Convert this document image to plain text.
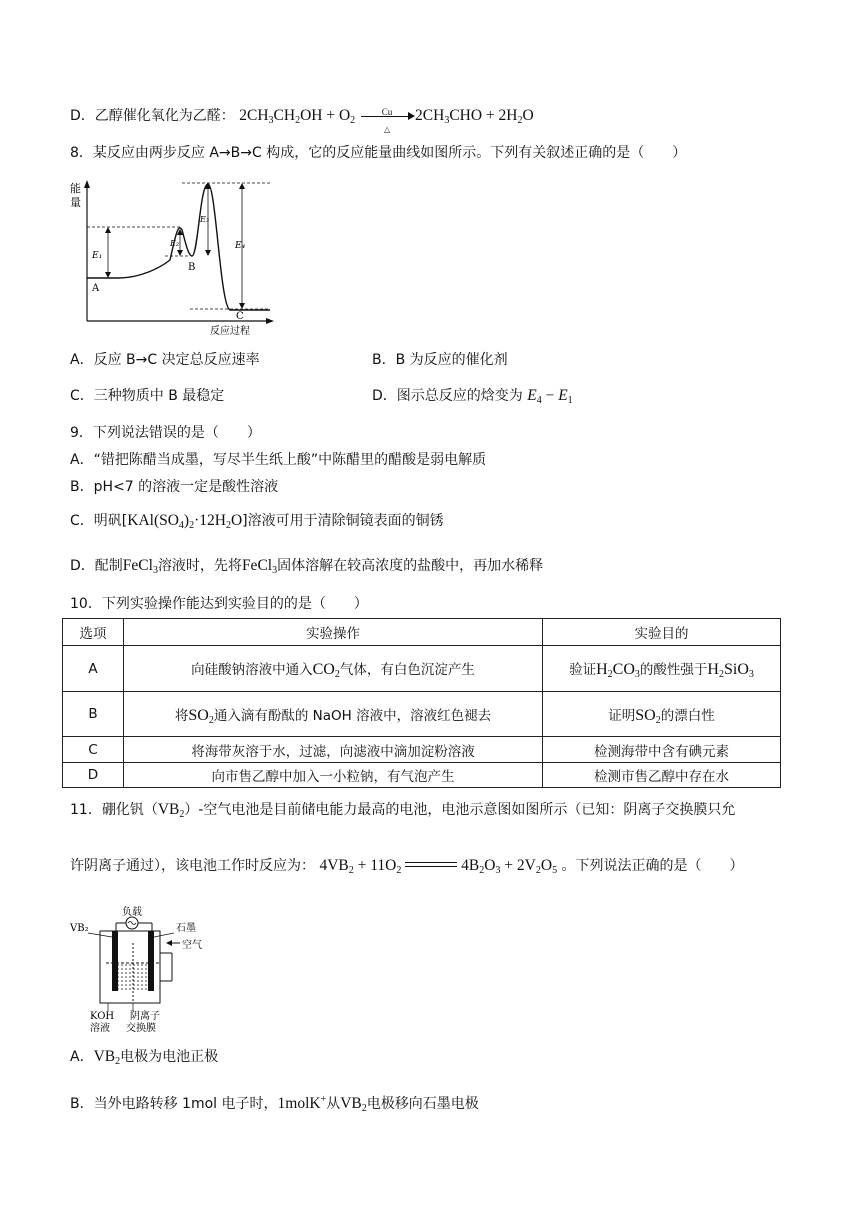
D．乙醇催化氧化为乙醛： $2CH_3CH_2OH + O_2$
Cu
△
$2CH_3CHO + 2H_2O$
8．某反应由两步反应 A→B→C 构成，它的反应能量曲线如图所示。下列有关叙述正确的是（　　）
能
量
E₁
E₂
E₃
E₄
A
B
C
反应过程
A．反应 B→C 决定总反应速率	B．B 为反应的催化剂
C．三种物质中 B 最稳定	D．图示总反应的焓变为 $E_4 - E_1$
9．下列说法错误的是（　　）
A．“错把陈醋当成墨，写尽半生纸上酸”中陈醋里的醋酸是弱电解质
B．pH<7 的溶液一定是酸性溶液
C．明矾$[KAl(SO_4)_2\cdot 12H_2O]$溶液可用于清除铜镜表面的铜锈
D．配制FeCl$_3$溶液时，先将FeCl$_3$固体溶解在较高浓度的盐酸中，再加水稀释
10．下列实验操作能达到实验目的的是（　　）
选项	实验操作	实验目的
A	向硅酸钠溶液中通入$CO_2$气体，有白色沉淀产生	验证$H_2CO_3$的酸性强于$H_2SiO_3$
B	将$SO_2$通入滴有酚酞的 NaOH 溶液中，溶液红色褪去	证明$SO_2$的漂白性
C	将海带灰溶于水，过滤，向滤液中滴加淀粉溶液	检测海带中含有碘元素
D	向市售乙醇中加入一小粒钠，有气泡产生	检测市售乙醇中存在水
11．硼化钒$(VB_2)-$空气电池是目前储电能力最高的电池，电池示意图如图所示（已知：阴离子交换膜只允
许阴离子通过），该电池工作时反应为： $4VB_2 + 11O_2$	$4B_2O_3 + 2V_2O_5$ 。下列说法正确的是（　　）
VB₂
负载
石墨
空气
KOH
溶液
阴离子
交换膜
A．$VB_2$电极为电池正极
B．当外电路转移 1mol 电子时，1molK+从$VB_2$电极移向石墨电极
